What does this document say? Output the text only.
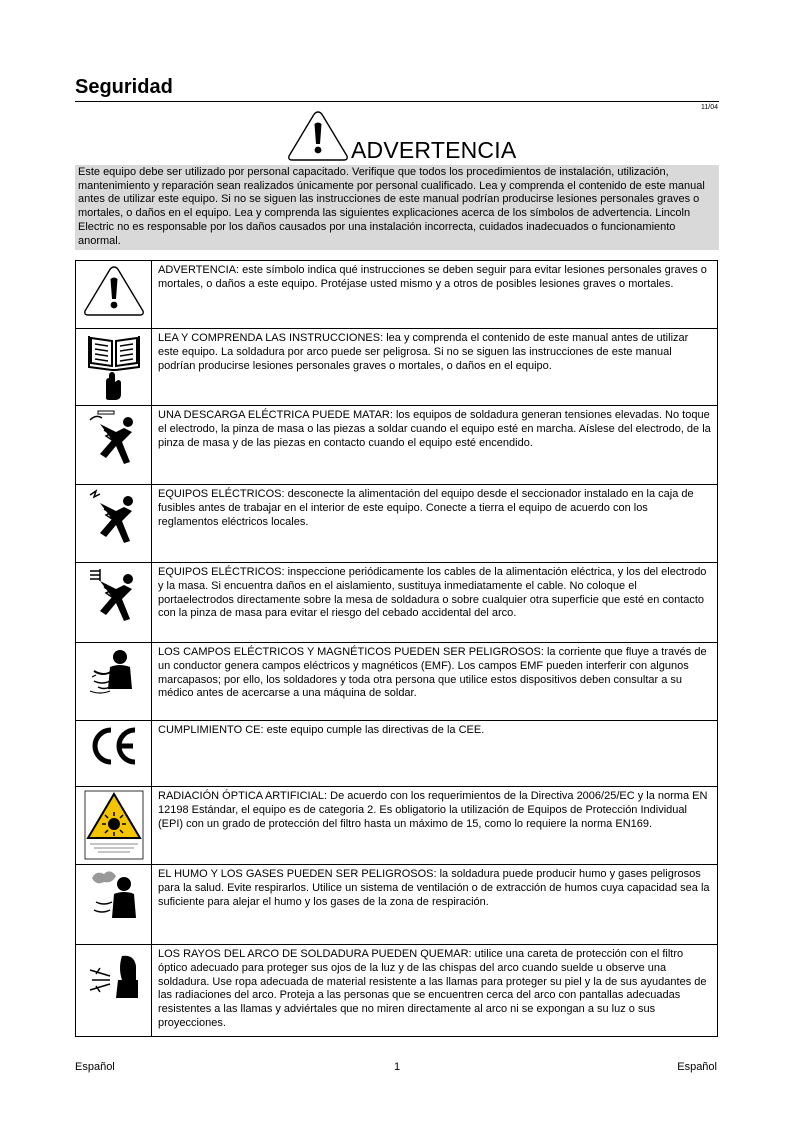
Seguridad
11/04
ADVERTENCIA
Este equipo debe ser utilizado por personal capacitado. Verifique que todos los procedimientos de instalación, utilización, mantenimiento y reparación sean realizados únicamente por personal cualificado. Lea y comprenda el contenido de este manual antes de utilizar este equipo. Si no se siguen las instrucciones de este manual podrían producirse lesiones personales graves o mortales, o daños en el equipo. Lea y comprenda las siguientes explicaciones acerca de los símbolos de advertencia. Lincoln Electric no es responsable por los daños causados por una instalación incorrecta, cuidados inadecuados o funcionamiento anormal.
	ADVERTENCIA: este símbolo indica qué instrucciones se deben seguir para evitar lesiones personales graves o mortales, o daños a este equipo. Protéjase usted mismo y a otros de posibles lesiones graves o mortales.

	LEA Y COMPRENDA LAS INSTRUCCIONES: lea y comprenda el contenido de este manual antes de utilizar este equipo. La soldadura por arco puede ser peligrosa. Si no se siguen las instrucciones de este manual podrían producirse lesiones personales graves o mortales, o daños en el equipo.

	UNA DESCARGA ELÉCTRICA PUEDE MATAR: los equipos de soldadura generan tensiones elevadas. No toque el electrodo, la pinza de masa o las piezas a soldar cuando el equipo esté en marcha. Aíslese del electrodo, de la pinza de masa y de las piezas en contacto cuando el equipo esté encendido.

	EQUIPOS ELÉCTRICOS: desconecte la alimentación del equipo desde el seccionador instalado en la caja de fusibles antes de trabajar en el interior de este equipo. Conecte a tierra el equipo de acuerdo con los reglamentos eléctricos locales.

	EQUIPOS ELÉCTRICOS: inspeccione periódicamente los cables de la alimentación eléctrica, y los del electrodo y la masa. Si encuentra daños en el aislamiento, sustituya inmediatamente el cable. No coloque el portaelectrodos directamente sobre la mesa de soldadura o sobre cualquier otra superficie que esté en contacto con la pinza de masa para evitar el riesgo del cebado accidental del arco.

	LOS CAMPOS ELÉCTRICOS Y MAGNÉTICOS PUEDEN SER PELIGROSOS: la corriente que fluye a través de un conductor genera campos eléctricos y magnéticos (EMF). Los campos EMF pueden interferir con algunos marcapasos; por ello, los soldadores y toda otra persona que utilice estos dispositivos deben consultar a su médico antes de acercarse a una máquina de soldar.

	CUMPLIMIENTO CE: este equipo cumple las directivas de la CEE.

	RADIACIÓN ÓPTICA ARTIFICIAL: De acuerdo con los requerimientos de la Directiva 2006/25/EC y la norma EN 12198 Estándar, el equipo es de categoria 2. Es obligatorio la utilización de Equipos de Protección Individual (EPI) con un grado de protección del filtro hasta un máximo de 15, como lo requiere la norma EN169.

	EL HUMO Y LOS GASES PUEDEN SER PELIGROSOS: la soldadura puede producir humo y gases peligrosos para la salud. Evite respirarlos. Utilice un sistema de ventilación o de extracción de humos cuya capacidad sea la suficiente para alejar el humo y los gases de la zona de respiración.

	LOS RAYOS DEL ARCO DE SOLDADURA PUEDEN QUEMAR: utilice una careta de protección con el filtro óptico adecuado para proteger sus ojos de la luz y de las chispas del arco cuando suelde u observe una soldadura. Use ropa adecuada de material resistente a las llamas para proteger su piel y la de sus ayudantes de las radiaciones del arco. Proteja a las personas que se encuentren cerca del arco con pantallas adecuadas resistentes a las llamas y adviértales que no miren directamente al arco ni se expongan a su luz o sus proyecciones.
Español	1	Español
